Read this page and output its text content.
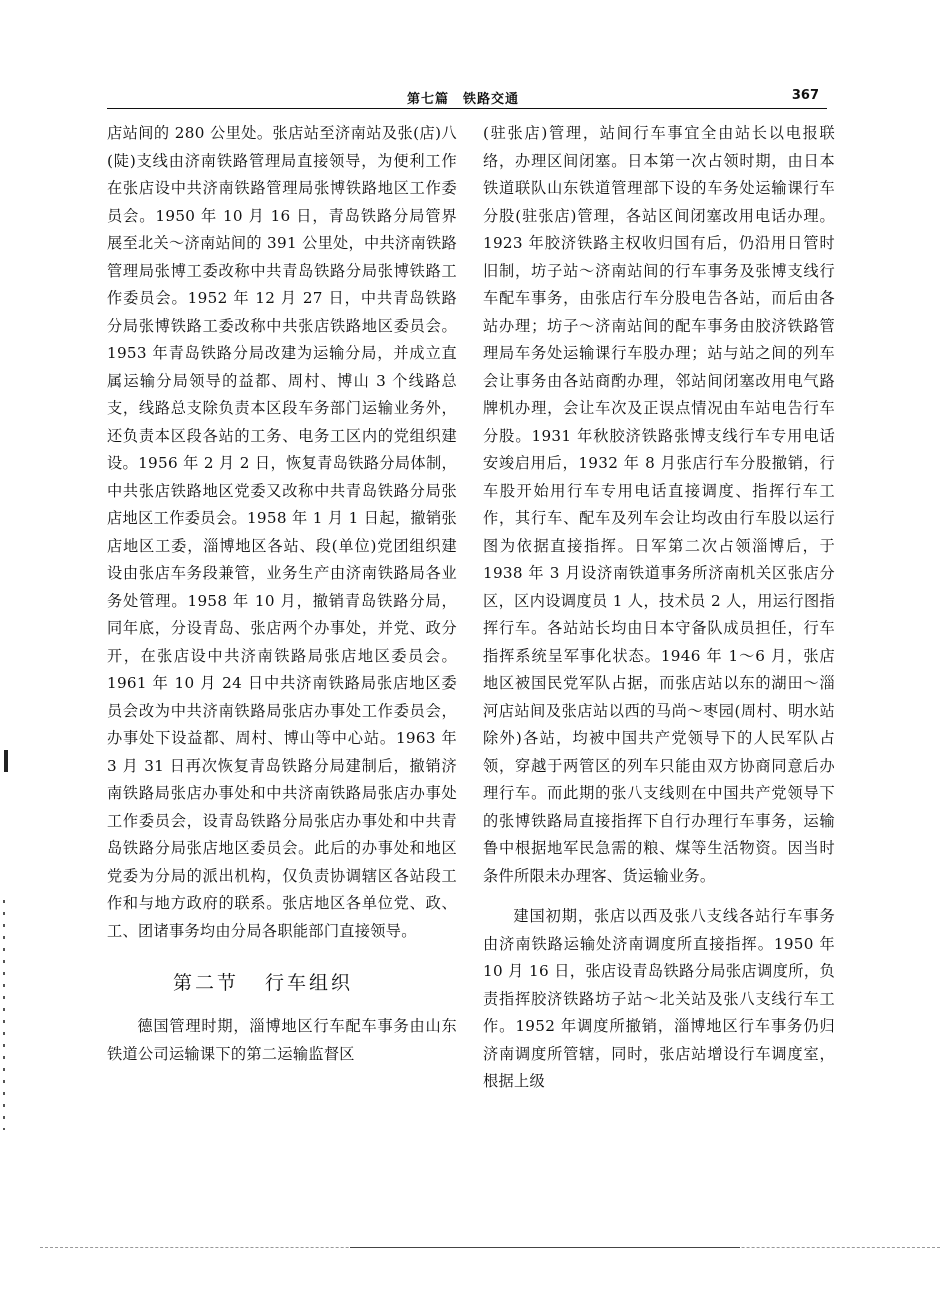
第七篇　铁路交通	367

店站间的 280 公里处。张店站至济南站及张(店)八(陡)支线由济南铁路管理局直接领导，为便利工作在张店设中共济南铁路管理局张博铁路地区工作委员会。1950 年 10 月 16 日，青岛铁路分局管界展至北关～济南站间的 391 公里处，中共济南铁路管理局张博工委改称中共青岛铁路分局张博铁路工作委员会。1952 年 12 月 27 日，中共青岛铁路分局张博铁路工委改称中共张店铁路地区委员会。1953 年青岛铁路分局改建为运输分局，并成立直属运输分局领导的益都、周村、博山 3 个线路总支，线路总支除负责本区段车务部门运输业务外，还负责本区段各站的工务、电务工区内的党组织建设。1956 年 2 月 2 日，恢复青岛铁路分局体制，中共张店铁路地区党委又改称中共青岛铁路分局张店地区工作委员会。1958 年 1 月 1 日起，撤销张店地区工委，淄博地区各站、段(单位)党团组织建设由张店车务段兼管，业务生产由济南铁路局各业务处管理。1958 年 10 月，撤销青岛铁路分局，同年底，分设青岛、张店两个办事处，并党、政分开，在张店设中共济南铁路局张店地区委员会。1961 年 10 月 24 日中共济南铁路局张店地区委员会改为中共济南铁路局张店办事处工作委员会，办事处下设益都、周村、博山等中心站。1963 年 3 月 31 日再次恢复青岛铁路分局建制后，撤销济南铁路局张店办事处和中共济南铁路局张店办事处工作委员会，设青岛铁路分局张店办事处和中共青岛铁路分局张店地区委员会。此后的办事处和地区党委为分局的派出机构，仅负责协调辖区各站段工作和与地方政府的联系。张店地区各单位党、政、工、团诸事务均由分局各职能部门直接领导。

第二节 行车组织

德国管理时期，淄博地区行车配车事务由山东铁道公司运输课下的第二运输监督区

(驻张店)管理，站间行车事宜全由站长以电报联络，办理区间闭塞。日本第一次占领时期，由日本铁道联队山东铁道管理部下设的车务处运输课行车分股(驻张店)管理，各站区间闭塞改用电话办理。1923 年胶济铁路主权收归国有后，仍沿用日管时旧制，坊子站～济南站间的行车事务及张博支线行车配车事务，由张店行车分股电告各站，而后由各站办理；坊子～济南站间的配车事务由胶济铁路管理局车务处运输课行车股办理；站与站之间的列车会让事务由各站商酌办理，邻站间闭塞改用电气路牌机办理，会让车次及正误点情况由车站电告行车分股。1931 年秋胶济铁路张博支线行车专用电话安竣启用后，1932 年 8 月张店行车分股撤销，行车股开始用行车专用电话直接调度、指挥行车工作，其行车、配车及列车会让均改由行车股以运行图为依据直接指挥。日军第二次占领淄博后，于 1938 年 3 月设济南铁道事务所济南机关区张店分区，区内设调度员 1 人，技术员 2 人，用运行图指挥行车。各站站长均由日本守备队成员担任，行车指挥系统呈军事化状态。1946 年 1～6 月，张店地区被国民党军队占据，而张店站以东的湖田～淄河店站间及张店站以西的马尚～枣园(周村、明水站除外)各站，均被中国共产党领导下的人民军队占领，穿越于两管区的列车只能由双方协商同意后办理行车。而此期的张八支线则在中国共产党领导下的张博铁路局直接指挥下自行办理行车事务，运输鲁中根据地军民急需的粮、煤等生活物资。因当时条件所限未办理客、货运输业务。

建国初期，张店以西及张八支线各站行车事务由济南铁路运输处济南调度所直接指挥。1950 年 10 月 16 日，张店设青岛铁路分局张店调度所，负责指挥胶济铁路坊子站～北关站及张八支线行车工作。1952 年调度所撤销，淄博地区行车事务仍归济南调度所管辖，同时，张店站增设行车调度室，根据上级
